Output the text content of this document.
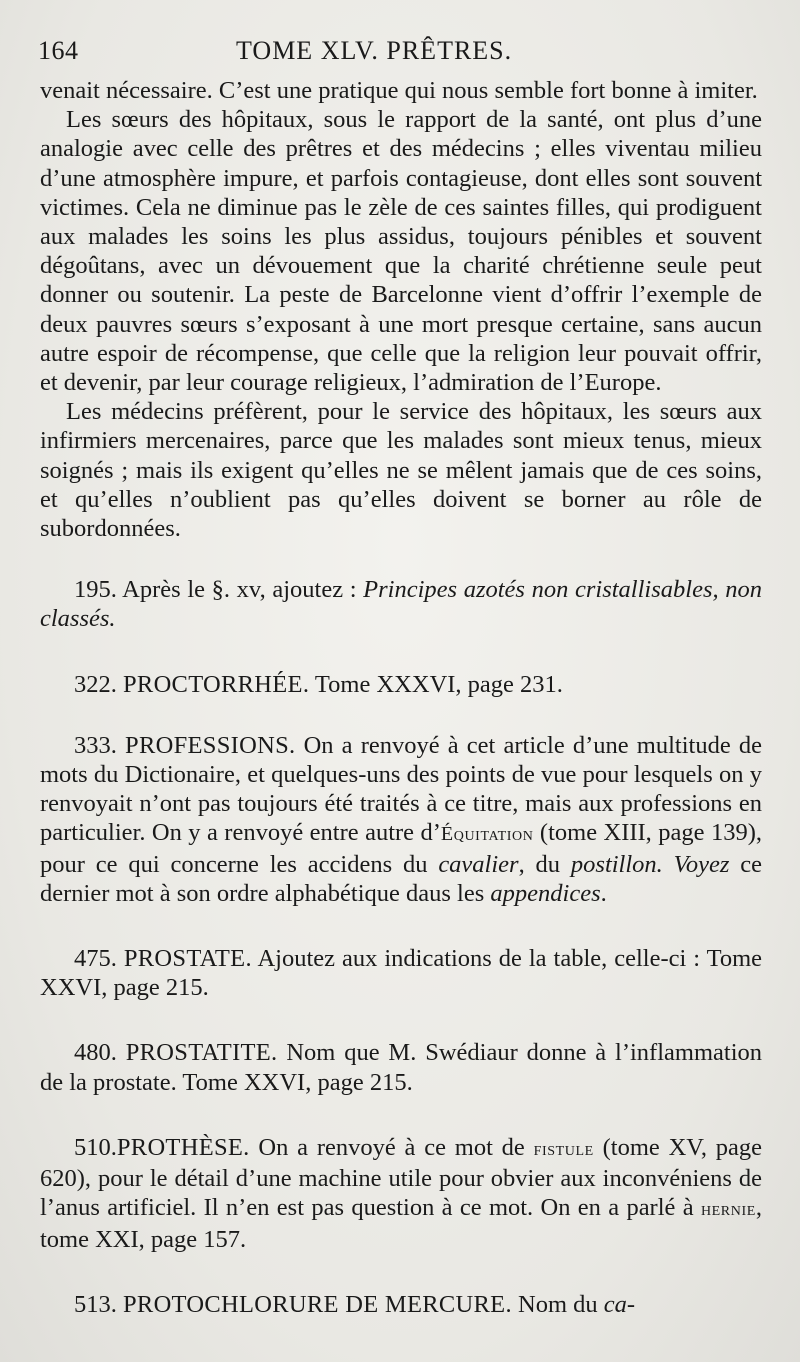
164	TOME XLV. PRÊTRES.

venait nécessaire. C’est une pratique qui nous semble fort bonne à imiter.

Les sœurs des hôpitaux, sous le rapport de la santé, ont plus d’une analogie avec celle des prêtres et des médecins ; elles viventau milieu d’une atmosphère impure, et parfois contagieuse, dont elles sont souvent victimes. Cela ne diminue pas le zèle de ces saintes filles, qui prodiguent aux malades les soins les plus assidus, toujours pénibles et souvent dégoûtans, avec un dévouement que la charité chrétienne seule peut donner ou soutenir. La peste de Barcelonne vient d’offrir l’exemple de deux pauvres sœurs s’exposant à une mort presque certaine, sans aucun autre espoir de récompense, que celle que la religion leur pouvait offrir, et devenir, par leur courage religieux, l’admiration de l’Europe.

Les médecins préfèrent, pour le service des hôpitaux, les sœurs aux infirmiers mercenaires, parce que les malades sont mieux tenus, mieux soignés ; mais ils exigent qu’elles ne se mêlent jamais que de ces soins, et qu’elles n’oublient pas qu’elles doivent se borner au rôle de subordonnées.

195. Après le §. xv, ajoutez : Principes azotés non cristallisables, non classés.

322. PROCTORRHÉE. Tome XXXVI, page 231.

333. PROFESSIONS. On a renvoyé à cet article d’une multitude de mots du Dictionaire, et quelques-uns des points de vue pour lesquels on y renvoyait n’ont pas toujours été traités à ce titre, mais aux professions en particulier. On y a renvoyé entre autre d’Équitation (tome XIII, page 139), pour ce qui concerne les accidens du cavalier, du postillon. Voyez ce dernier mot à son ordre alphabétique daus les appendices.

475. PROSTATE. Ajoutez aux indications de la table, celle-ci : Tome XXVI, page 215.

480. PROSTATITE. Nom que M. Swédiaur donne à l’inflammation de la prostate. Tome XXVI, page 215.

510.PROTHÈSE. On a renvoyé à ce mot de fistule (tome XV, page 620), pour le détail d’une machine utile pour obvier aux inconvéniens de l’anus artificiel. Il n’en est pas question à ce mot. On en a parlé à hernie, tome XXI, page 157.

513. PROTOCHLORURE DE MERCURE. Nom du ca-
